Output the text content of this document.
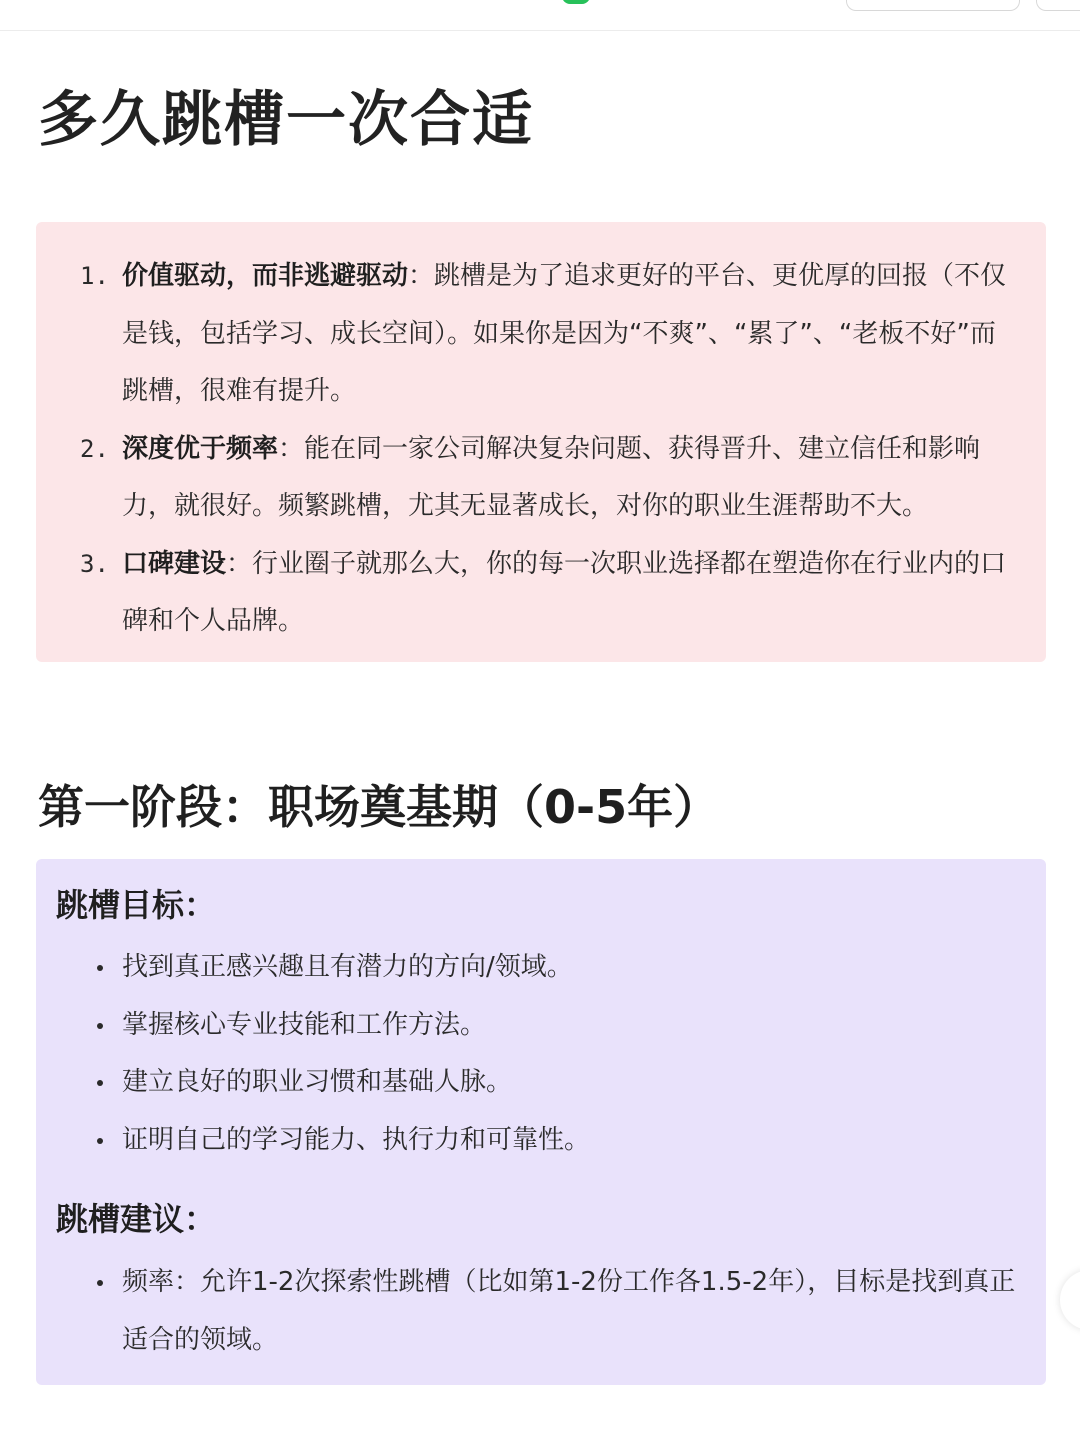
多久跳槽一次合适
1. 价值驱动，而非逃避驱动：跳槽是为了追求更好的平台、更优厚的回报（不仅是钱，包括学习、成长空间）。如果你是因为“不爽”、“累了”、“老板不好”而跳槽，很难有提升。
2. 深度优于频率：能在同一家公司解决复杂问题、获得晋升、建立信任和影响力，就很好。频繁跳槽，尤其无显著成长，对你的职业生涯帮助不大。
3. 口碑建设：行业圈子就那么大，你的每一次职业选择都在塑造你在行业内的口碑和个人品牌。
第一阶段：职场奠基期（0-5年）
跳槽目标：
找到真正感兴趣且有潜力的方向/领域。
掌握核心专业技能和工作方法。
建立良好的职业习惯和基础人脉。
证明自己的学习能力、执行力和可靠性。
跳槽建议：
频率：允许1-2次探索性跳槽（比如第1-2份工作各1.5-2年），目标是找到真正适合的领域。
